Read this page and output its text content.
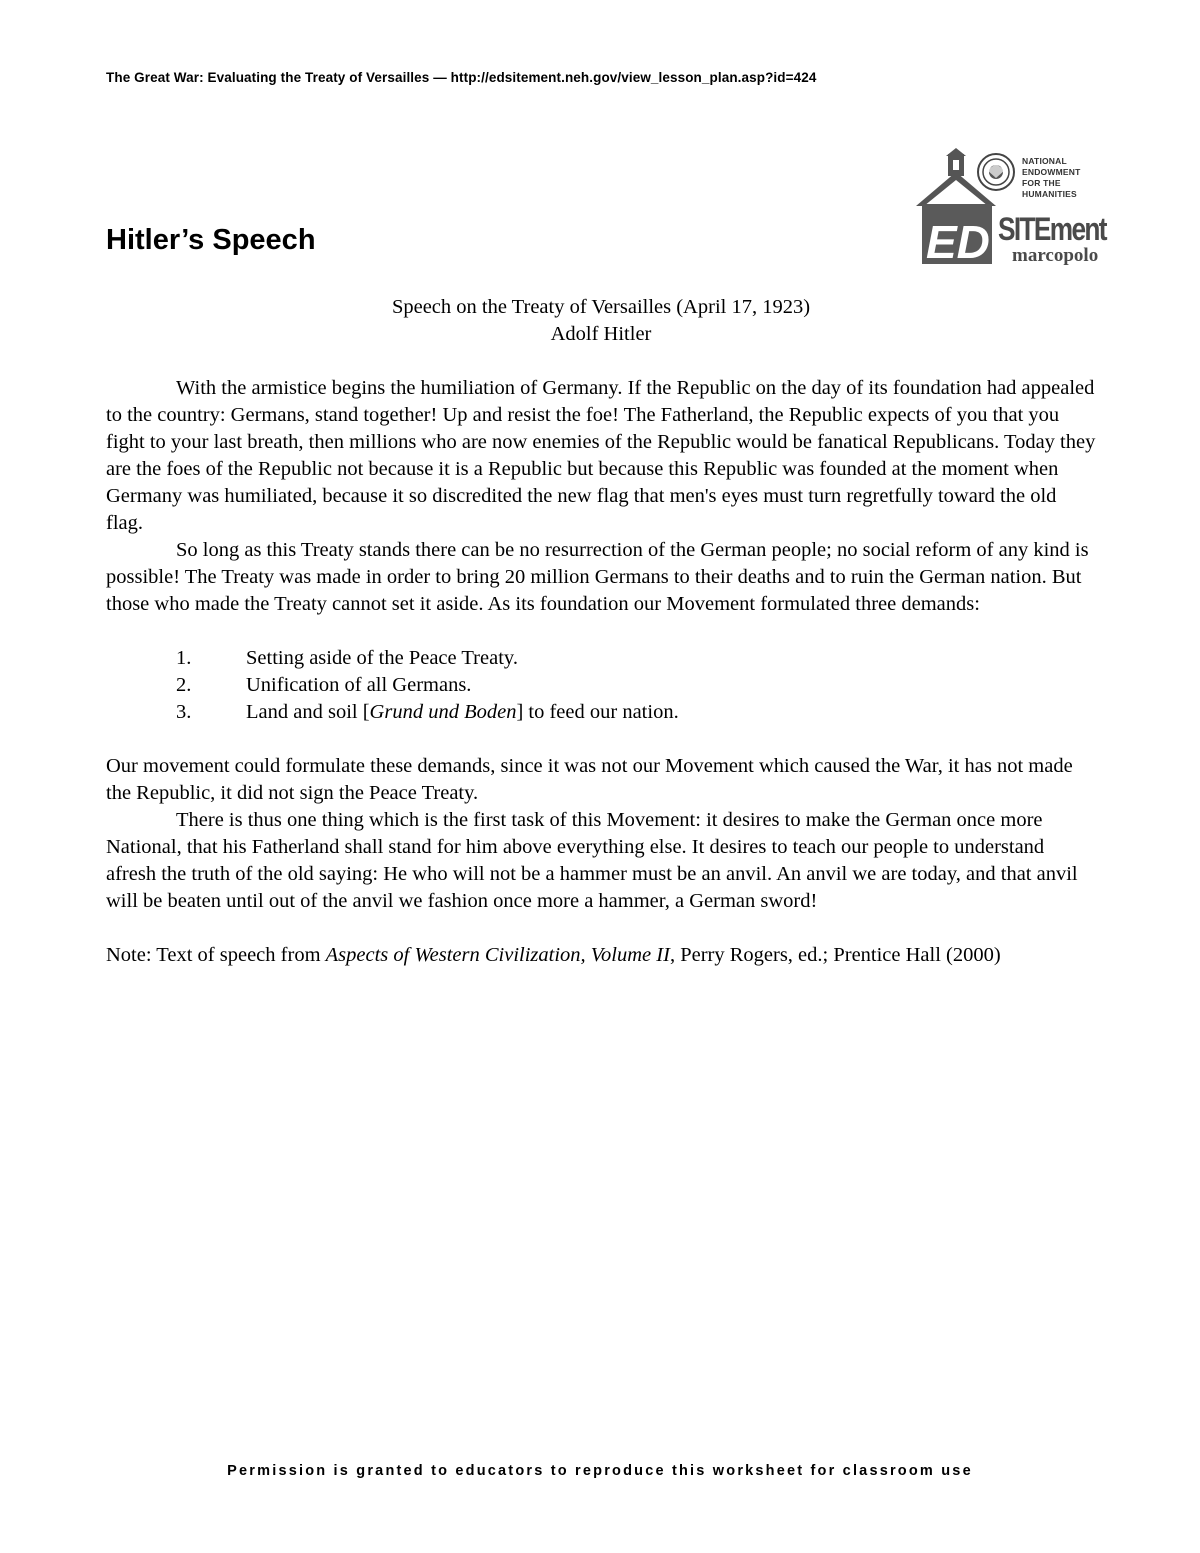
The Great War: Evaluating the Treaty of Versailles — http://edsitement.neh.gov/view_lesson_plan.asp?id=424
Hitler’s Speech	ED
NATIONAL
ENDOWMENT
FOR THE
HUMANITIES
SITEment
marcopolo

Speech on the Treaty of Versailles (April 17, 1923)

Adolf Hitler

With the armistice begins the humiliation of Germany. If the Republic on the day of its foundation had appealed to the country: Germans, stand together! Up and resist the foe! The Fatherland, the Republic expects of you that you fight to your last breath, then millions who are now enemies of the Republic would be fanatical Republicans. Today they are the foes of the Republic not because it is a Republic but because this Republic was founded at the moment when Germany was humiliated, because it so discredited the new flag that men's eyes must turn regretfully toward the old flag.

So long as this Treaty stands there can be no resurrection of the German people; no social reform of any kind is possible! The Treaty was made in order to bring 20 million Germans to their deaths and to ruin the German nation. But those who made the Treaty cannot set it aside. As its foundation our Movement formulated three demands:

1.	Setting aside of the Peace Treaty.
2.	Unification of all Germans.
3.	Land and soil [Grund und Boden] to feed our nation.

Our movement could formulate these demands, since it was not our Movement which caused the War, it has not made the Republic, it did not sign the Peace Treaty.

There is thus one thing which is the first task of this Movement: it desires to make the German once more National, that his Fatherland shall stand for him above everything else. It desires to teach our people to understand afresh the truth of the old saying: He who will not be a hammer must be an anvil. An anvil we are today, and that anvil will be beaten until out of the anvil we fashion once more a hammer, a German sword!

Note: Text of speech from Aspects of Western Civilization, Volume II, Perry Rogers, ed.; Prentice Hall (2000)

Permission is granted to educators to reproduce this worksheet for classroom use
